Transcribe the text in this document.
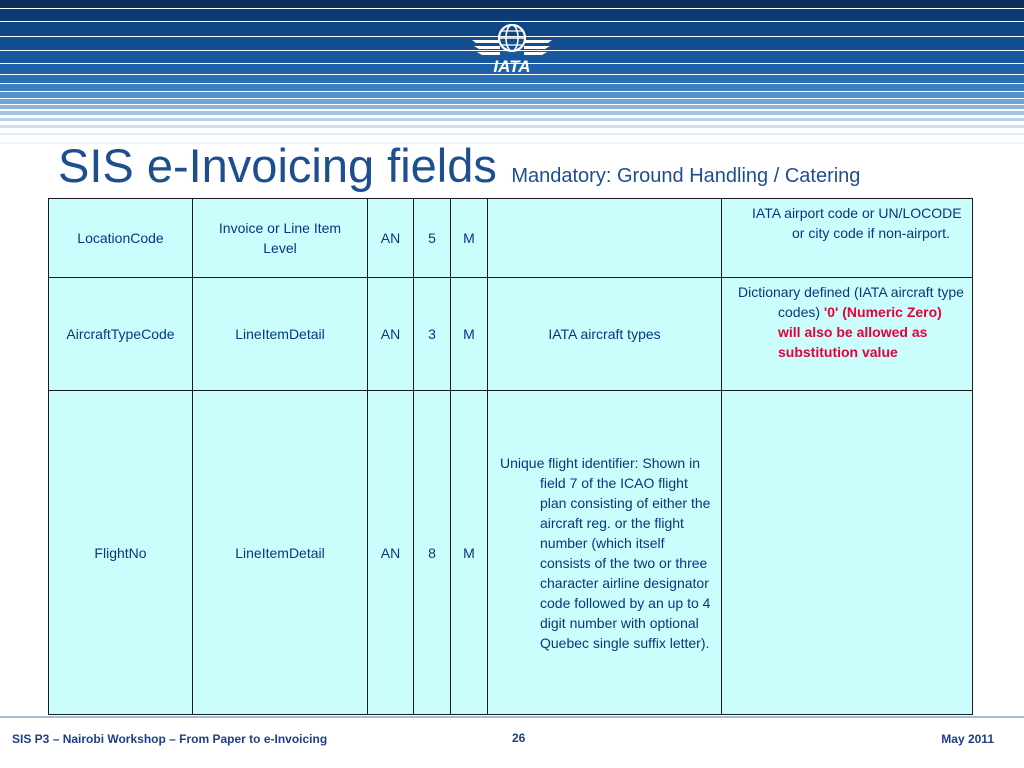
IATA
SIS e-Invoicing fields Mandatory: Ground Handling / Catering
LocationCode	Invoice or Line Item Level	AN	5	M		IATA airport code or UN/LOCODE or city code if non-airport.

AircraftTypeCode	LineItemDetail	AN	3	M	IATA aircraft types	Dictionary defined (IATA aircraft type codes) '0' (Numeric Zero) will also be allowed as substitution value

FlightNo	LineItemDetail	AN	8	M	Unique flight identifier: Shown in field 7 of the ICAO flight plan consisting of either the aircraft reg. or the flight number (which itself consists of the two or three character airline designator code followed by an up to 4 digit number with optional Quebec single suffix letter).	

SIS P3 – Nairobi Workshop – From Paper to e-Invoicing	26	May 2011
